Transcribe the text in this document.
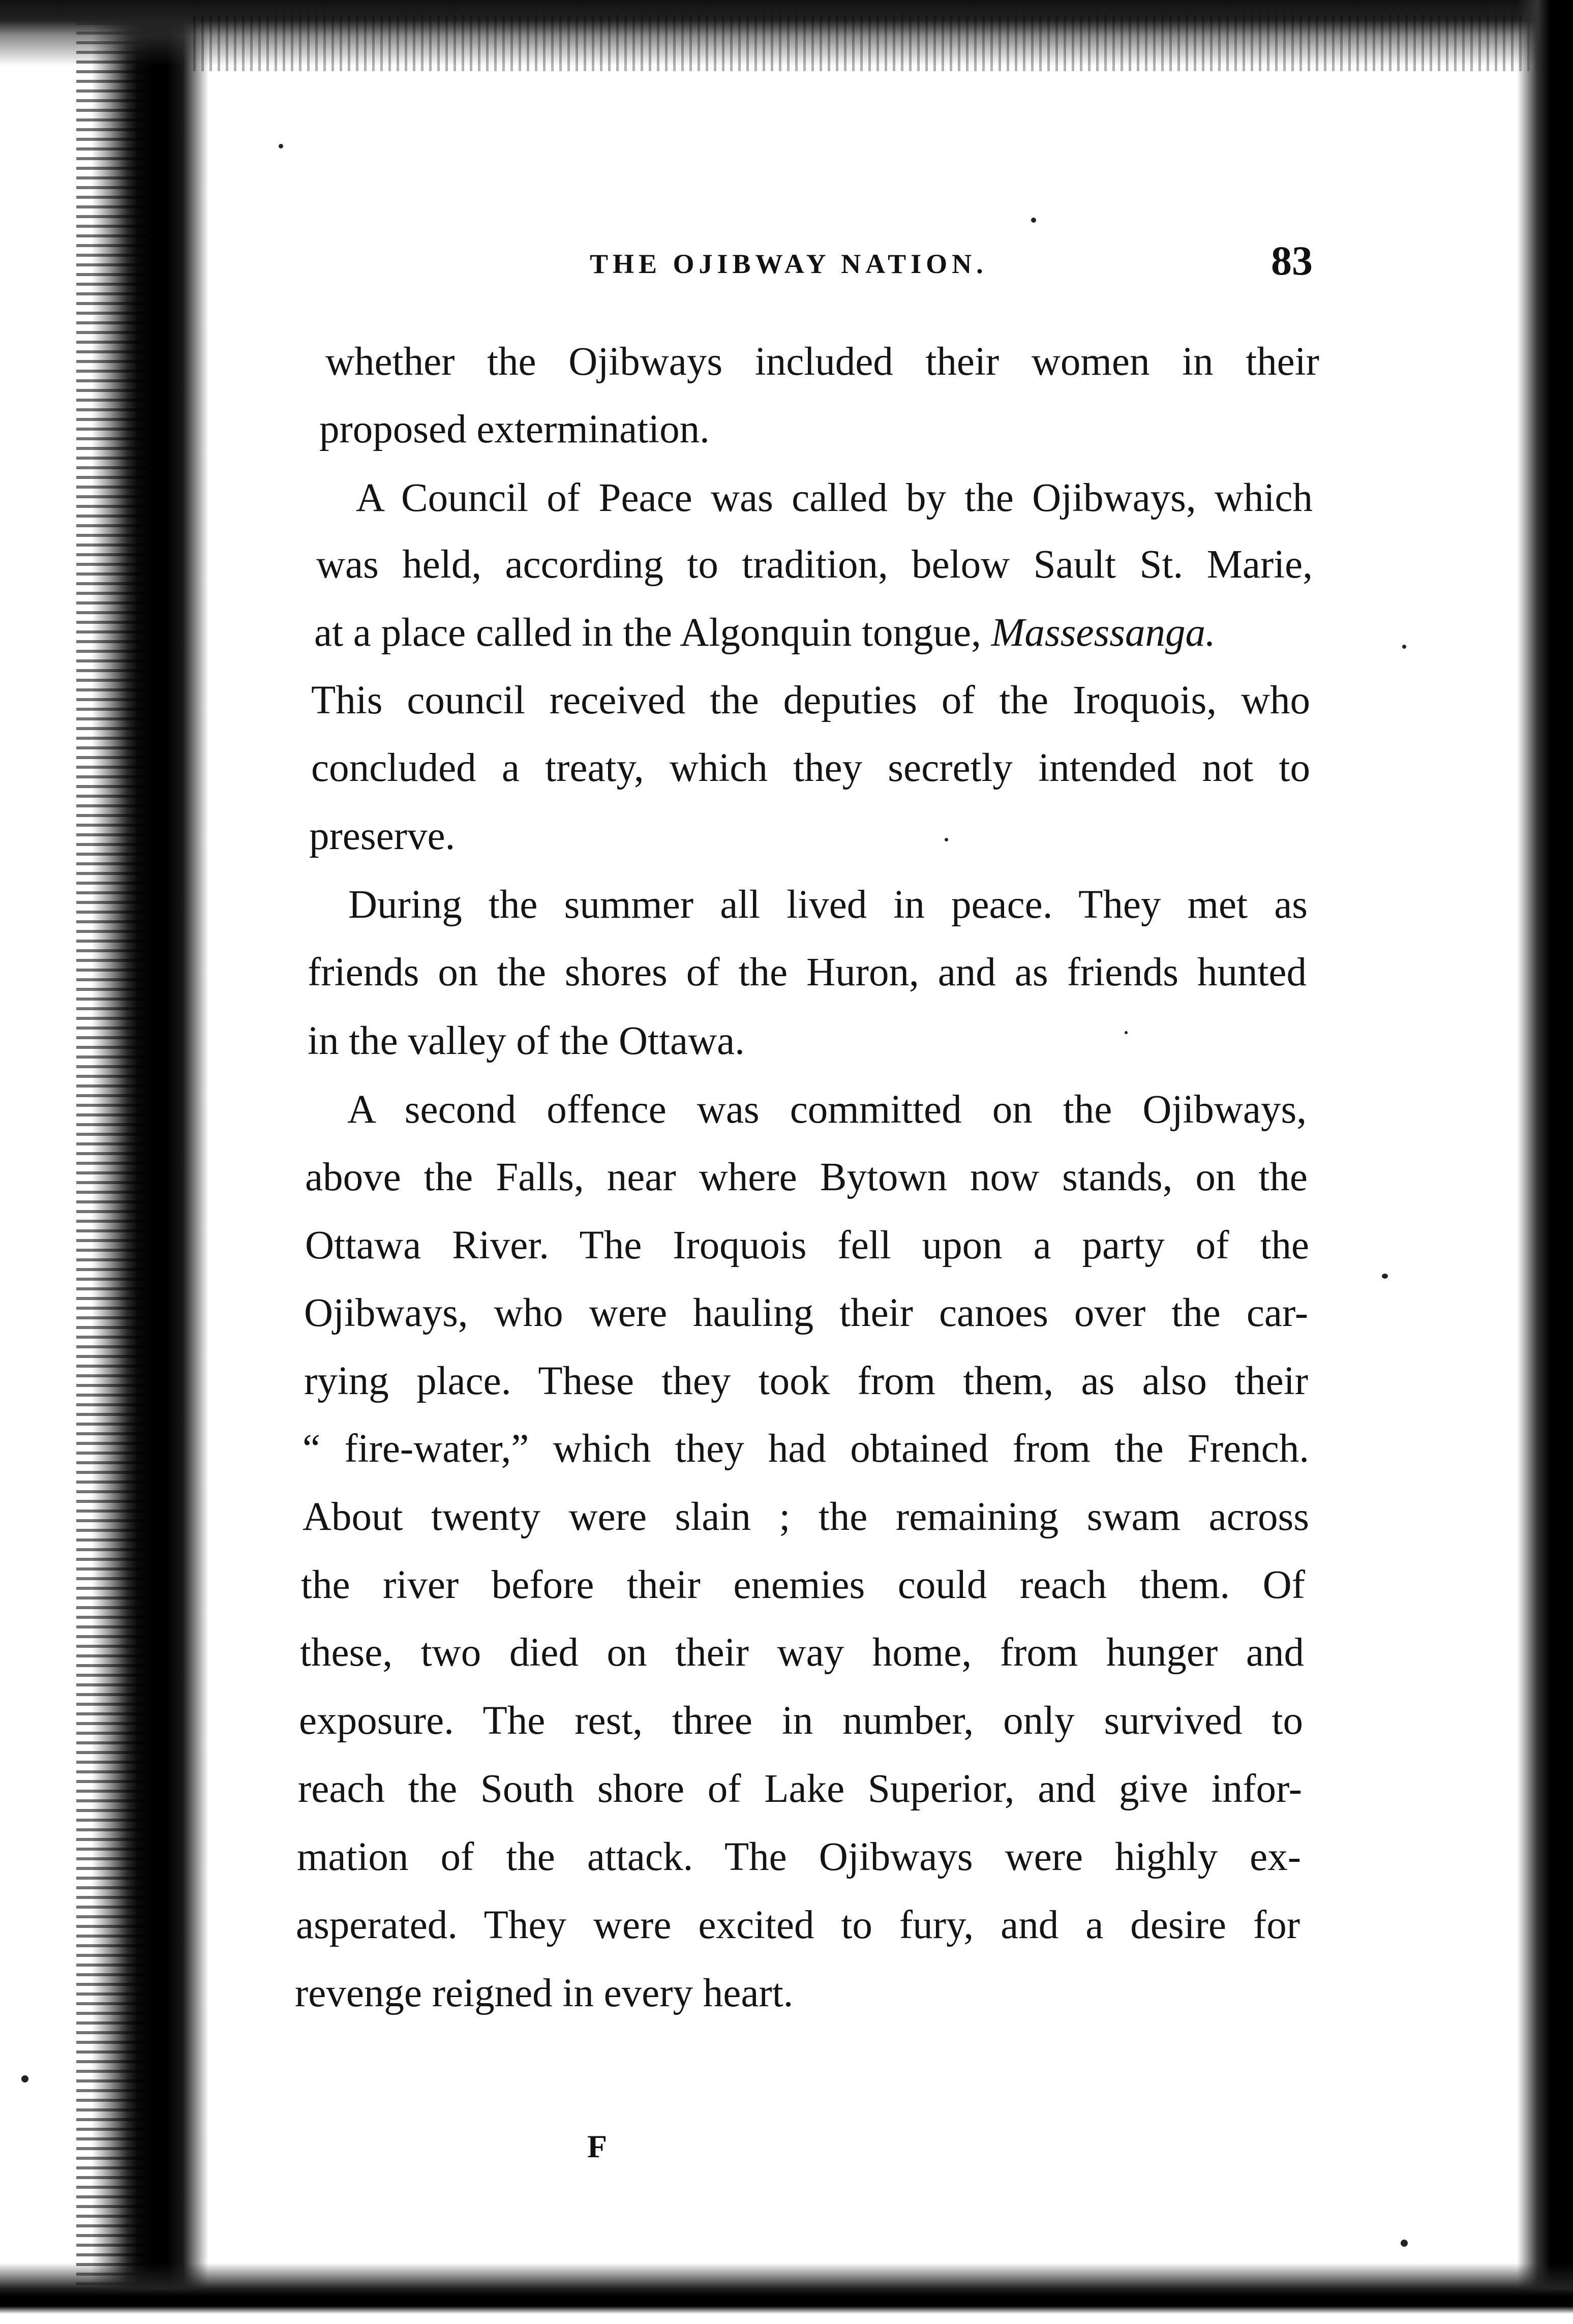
THE OJIBWAY NATION.	83
whether the Ojibways included their women in their
proposed extermination.
A Council of Peace was called by the Ojibways, which
was held, according to tradition, below Sault St. Marie,
at a place called in the Algonquin tongue, Massessanga.
This council received the deputies of the Iroquois, who
concluded a treaty, which they secretly intended not to
preserve.
During the summer all lived in peace. They met as
friends on the shores of the Huron, and as friends hunted
in the valley of the Ottawa.
A second offence was committed on the Ojibways,
above the Falls, near where Bytown now stands, on the
Ottawa River. The Iroquois fell upon a party of the
Ojibways, who were hauling their canoes over the car-
rying place. These they took from them, as also their
“ fire-water,” which they had obtained from the French.
About twenty were slain ; the remaining swam across
the river before their enemies could reach them. Of
these, two died on their way home, from hunger and
exposure. The rest, three in number, only survived to
reach the South shore of Lake Superior, and give infor-
mation of the attack. The Ojibways were highly ex-
asperated. They were excited to fury, and a desire for
revenge reigned in every heart.
F
